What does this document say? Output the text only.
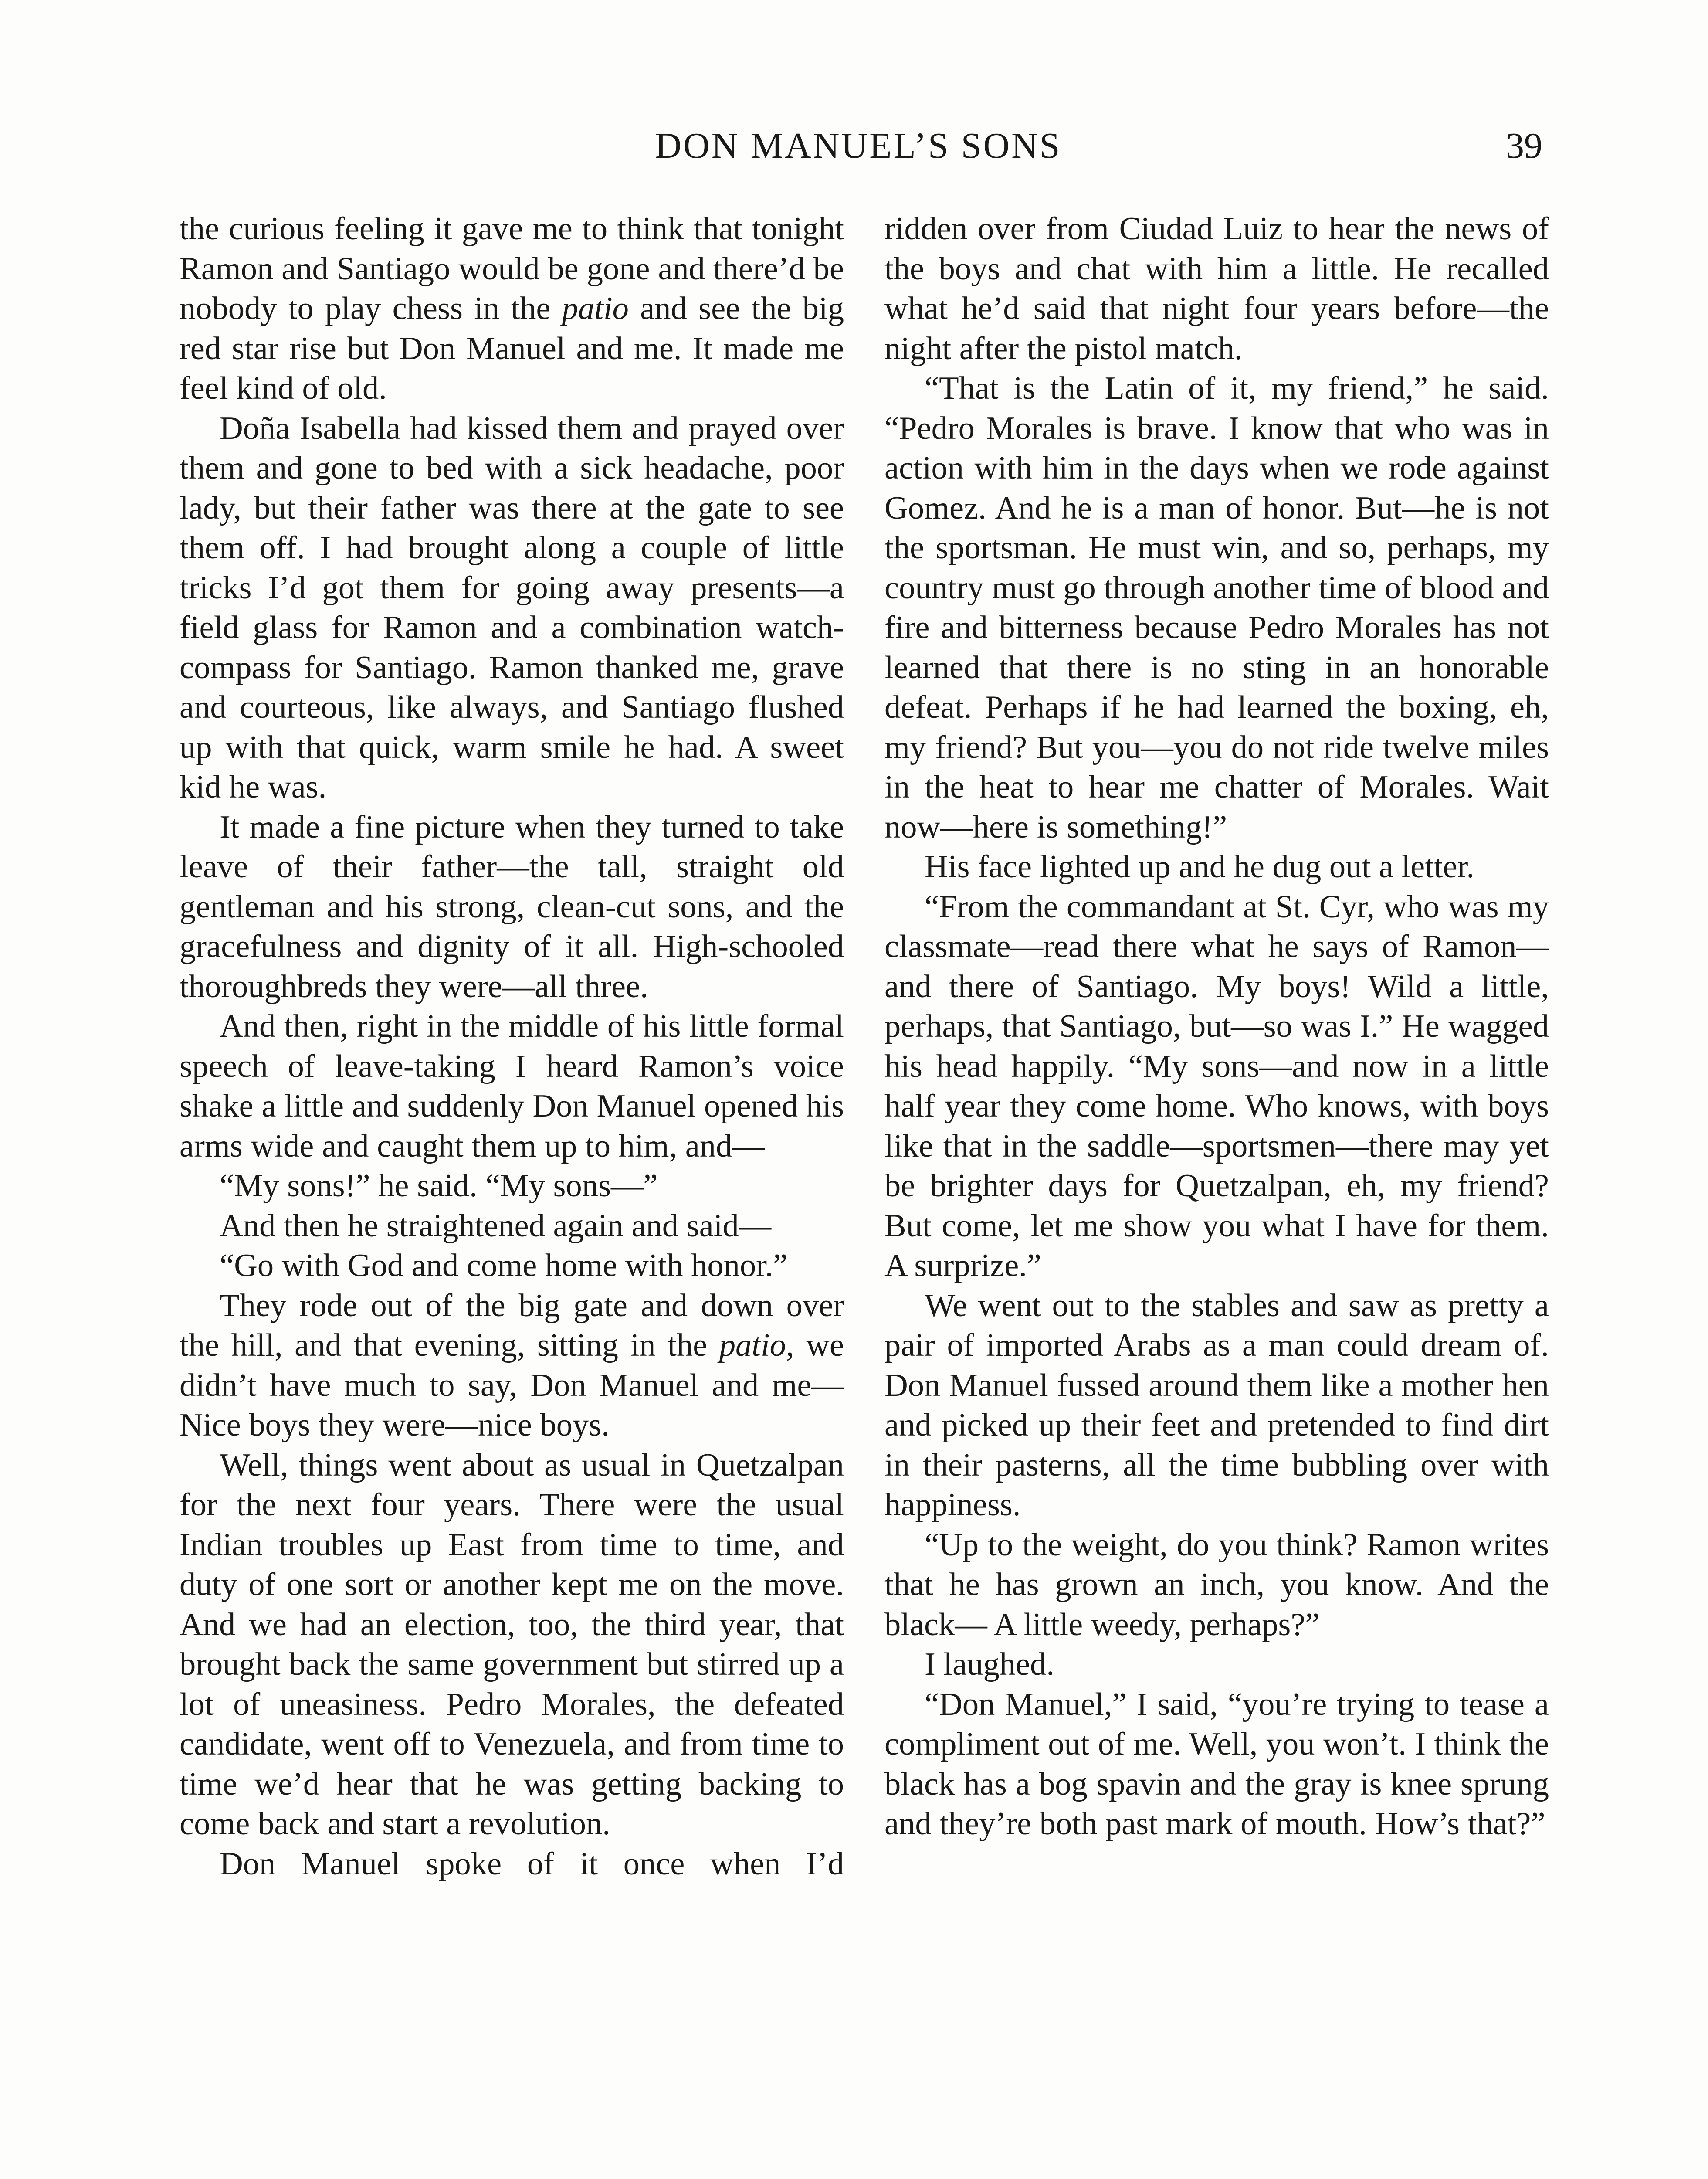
DON MANUEL’S SONS	39

the curious feeling it gave me to think that tonight Ramon and Santiago would be gone and there’d be nobody to play chess in the patio and see the big red star rise but Don Manuel and me. It made me feel kind of old.

Doña Isabella had kissed them and prayed over them and gone to bed with a sick headache, poor lady, but their father was there at the gate to see them off. I had brought along a couple of little tricks I’d got them for going away presents—a field glass for Ramon and a combination watch-compass for Santiago. Ramon thanked me, grave and courteous, like always, and Santiago flushed up with that quick, warm smile he had. A sweet kid he was.

It made a fine picture when they turned to take leave of their father—the tall, straight old gentleman and his strong, clean-cut sons, and the gracefulness and dignity of it all. High-schooled thoroughbreds they were—all three.

And then, right in the middle of his little formal speech of leave-taking I heard Ramon’s voice shake a little and suddenly Don Manuel opened his arms wide and caught them up to him, and—

“My sons!” he said. “My sons—”

And then he straightened again and said—

“Go with God and come home with honor.”

They rode out of the big gate and down over the hill, and that evening, sitting in the patio, we didn’t have much to say, Don Manuel and me— Nice boys they were—nice boys.

Well, things went about as usual in Quetzalpan for the next four years. There were the usual Indian troubles up East from time to time, and duty of one sort or another kept me on the move. And we had an election, too, the third year, that brought back the same government but stirred up a lot of uneasiness. Pedro Morales, the defeated candidate, went off to Venezuela, and from time to time we’d hear that he was getting backing to come back and start a revolution.

Don Manuel spoke of it once when I’d

ridden over from Ciudad Luiz to hear the news of the boys and chat with him a little. He recalled what he’d said that night four years before—the night after the pistol match.

“That is the Latin of it, my friend,” he said. “Pedro Morales is brave. I know that who was in action with him in the days when we rode against Gomez. And he is a man of honor. But—he is not the sportsman. He must win, and so, perhaps, my country must go through another time of blood and fire and bitterness because Pedro Morales has not learned that there is no sting in an honorable defeat. Perhaps if he had learned the boxing, eh, my friend? But you—you do not ride twelve miles in the heat to hear me chatter of Morales. Wait now—here is something!”

His face lighted up and he dug out a letter.

“From the commandant at St. Cyr, who was my classmate—read there what he says of Ramon—and there of Santiago. My boys! Wild a little, perhaps, that Santiago, but—so was I.” He wagged his head happily. “My sons—and now in a little half year they come home. Who knows, with boys like that in the saddle—sportsmen—there may yet be brighter days for Quetzalpan, eh, my friend? But come, let me show you what I have for them. A surprize.”

We went out to the stables and saw as pretty a pair of imported Arabs as a man could dream of. Don Manuel fussed around them like a mother hen and picked up their feet and pretended to find dirt in their pasterns, all the time bubbling over with happiness.

“Up to the weight, do you think? Ramon writes that he has grown an inch, you know. And the black— A little weedy, perhaps?”

I laughed.

“Don Manuel,” I said, “you’re trying to tease a compliment out of me. Well, you won’t. I think the black has a bog spavin and the gray is knee sprung and they’re both past mark of mouth. How’s that?”
